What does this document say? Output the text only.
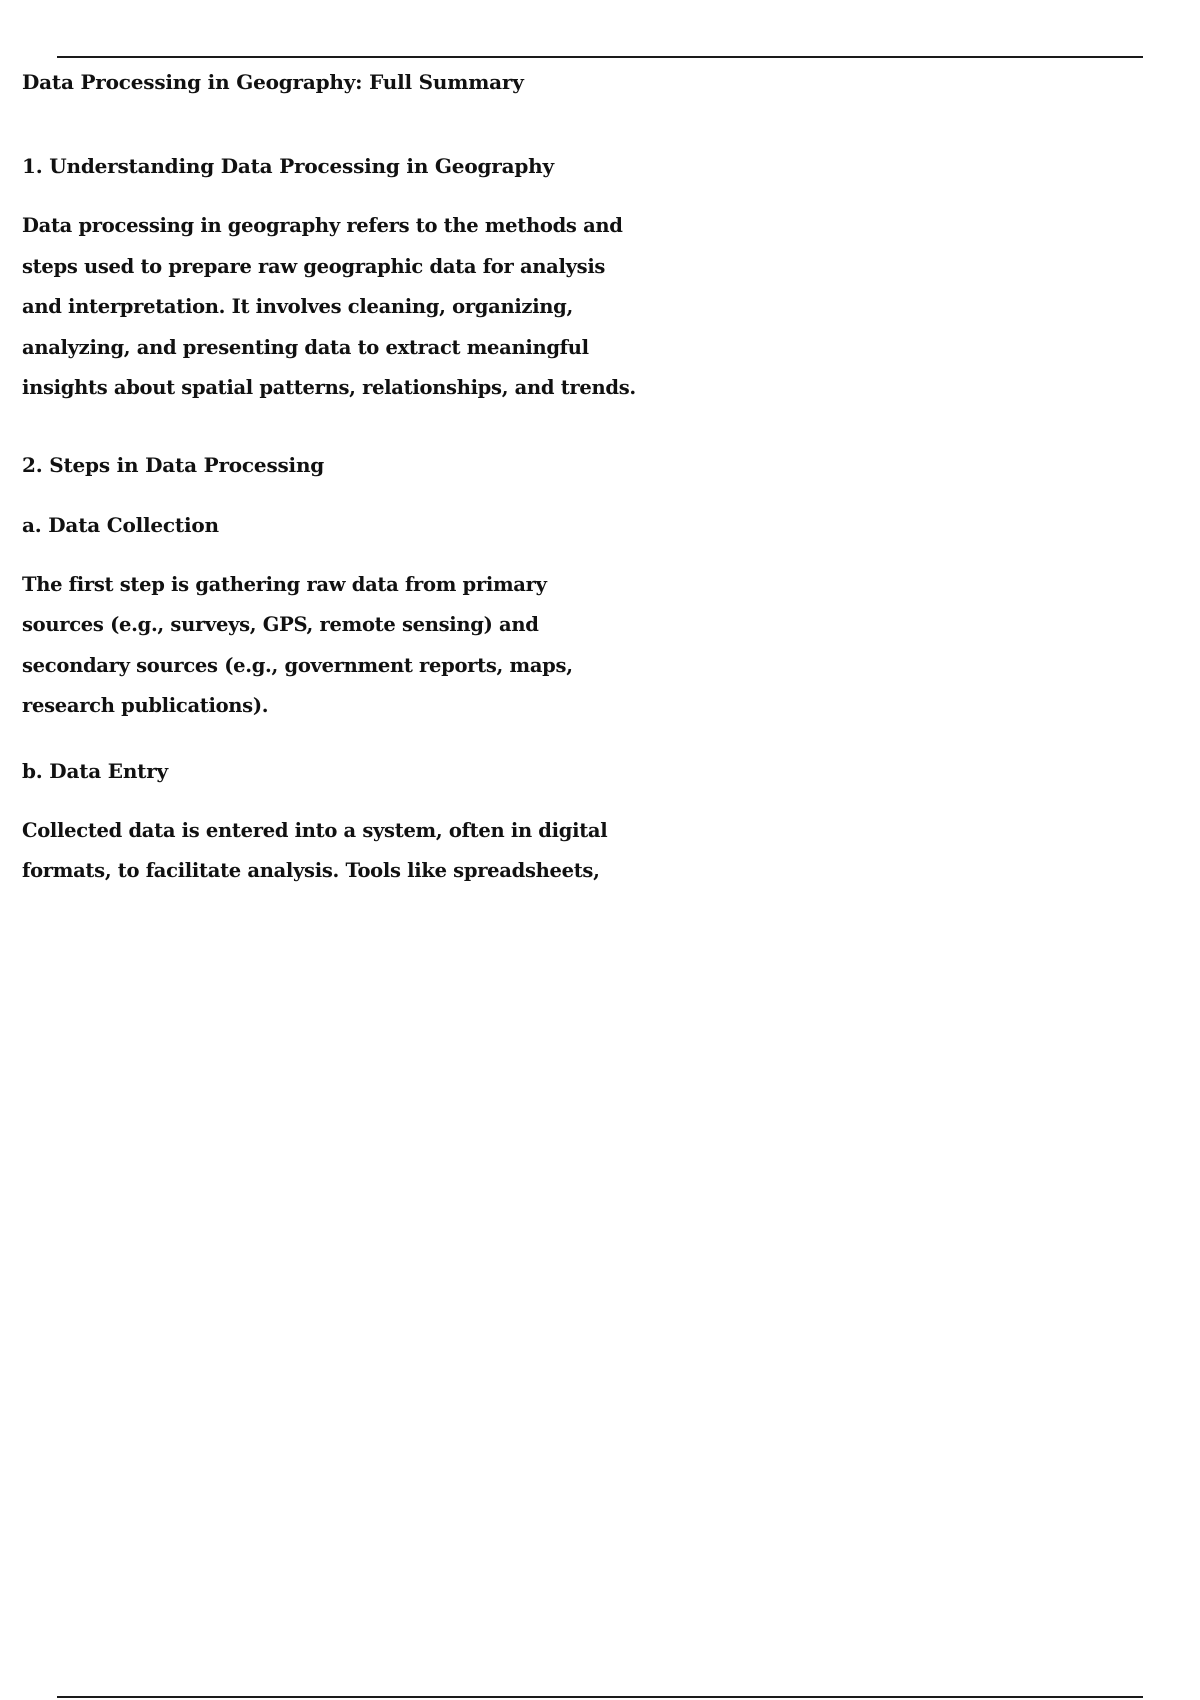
Data Processing in Geography: Full Summary
1. Understanding Data Processing in Geography
Data processing in geography refers to the methods and
steps used to prepare raw geographic data for analysis
and interpretation. It involves cleaning, organizing,
analyzing, and presenting data to extract meaningful
insights about spatial patterns, relationships, and trends.
2. Steps in Data Processing
a. Data Collection
The first step is gathering raw data from primary
sources (e.g., surveys, GPS, remote sensing) and
secondary sources (e.g., government reports, maps,
research publications).
b. Data Entry
Collected data is entered into a system, often in digital
formats, to facilitate analysis. Tools like spreadsheets,
